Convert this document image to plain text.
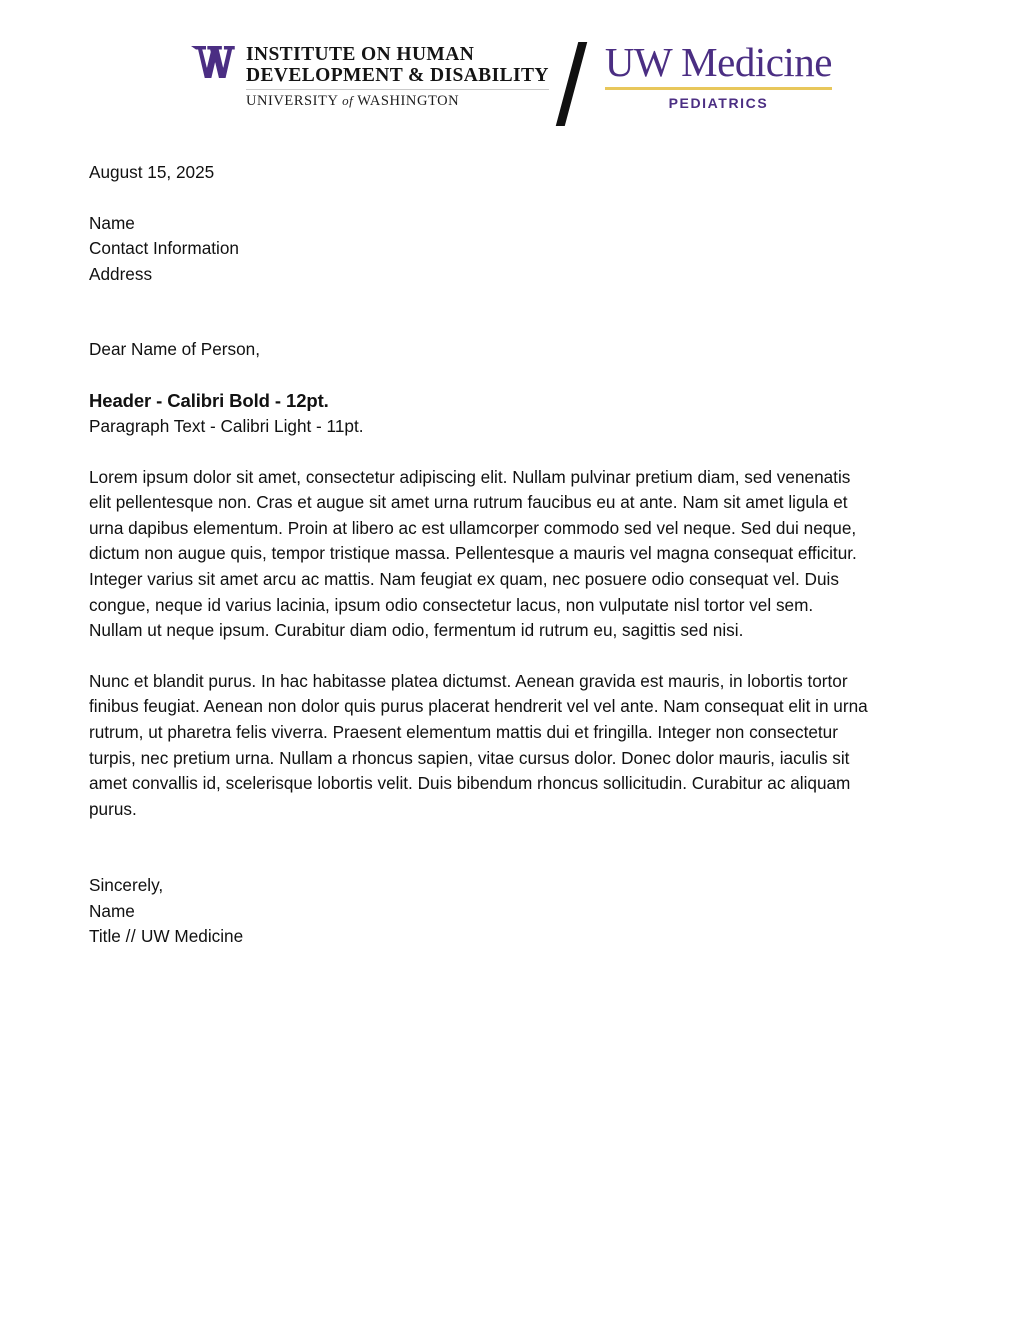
INSTITUTE ON HUMAN
DEVELOPMENT & DISABILITY
UNIVERSITY of WASHINGTON
UW Medicine
PEDIATRICS

August 15, 2025

Name

Contact Information

Address

Dear Name of Person,

Header - Calibri Bold - 12pt.

Paragraph Text - Calibri Light - 11pt.

Lorem ipsum dolor sit amet, consectetur adipiscing elit. Nullam pulvinar pretium diam, sed venenatis elit pellentesque non. Cras et augue sit amet urna rutrum faucibus eu at ante. Nam sit amet ligula et urna dapibus elementum. Proin at libero ac est ullamcorper commodo sed vel neque. Sed dui neque, dictum non augue quis, tempor tristique massa. Pellentesque a mauris vel magna consequat efficitur. Integer varius sit amet arcu ac mattis. Nam feugiat ex quam, nec posuere odio consequat vel. Duis congue, neque id varius lacinia, ipsum odio consectetur lacus, non vulputate nisl tortor vel sem. Nullam ut neque ipsum. Curabitur diam odio, fermentum id rutrum eu, sagittis sed nisi.

Nunc et blandit purus. In hac habitasse platea dictumst. Aenean gravida est mauris, in lobortis tortor finibus feugiat. Aenean non dolor quis purus placerat hendrerit vel vel ante. Nam consequat elit in urna rutrum, ut pharetra felis viverra. Praesent elementum mattis dui et fringilla. Integer non consectetur turpis, nec pretium urna. Nullam a rhoncus sapien, vitae cursus dolor. Donec dolor mauris, iaculis sit amet convallis id, scelerisque lobortis velit. Duis bibendum rhoncus sollicitudin. Curabitur ac aliquam purus.

Sincerely,

Name

Title // UW Medicine
